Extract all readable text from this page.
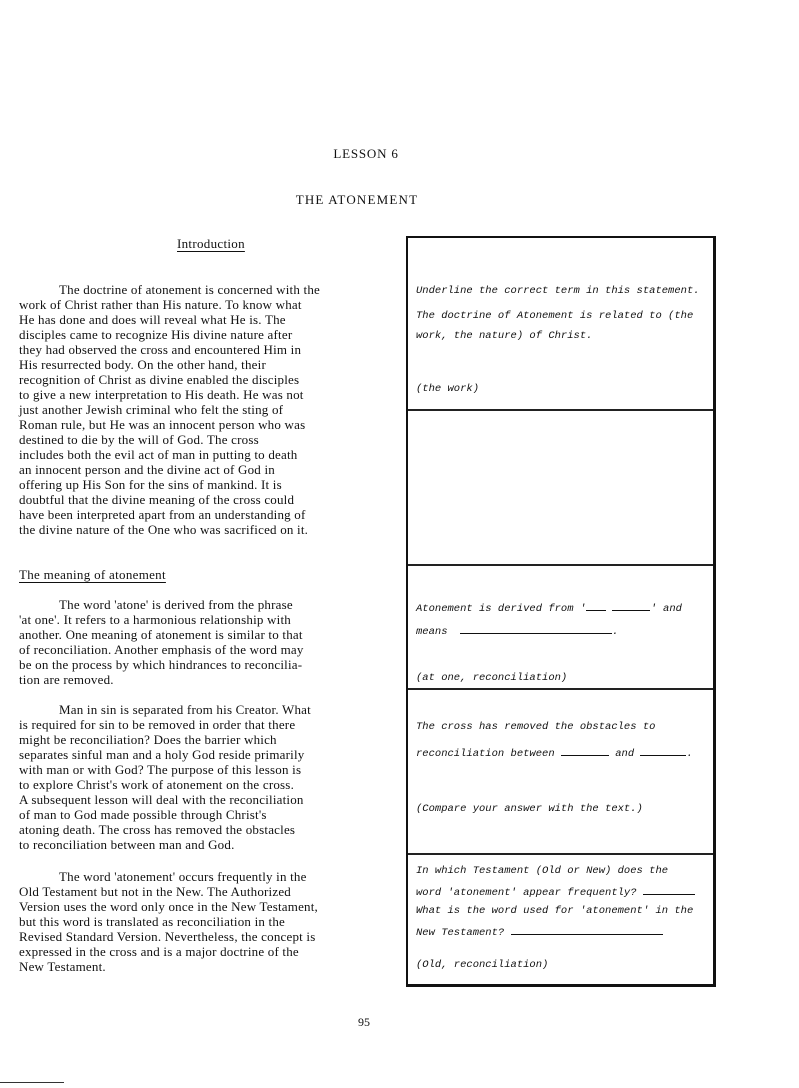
LESSON 6
THE ATONEMENT
Introduction
The doctrine of atonement is concerned with the
work of Christ rather than His nature. To know what
He has done and does will reveal what He is. The
disciples came to recognize His divine nature after
they had observed the cross and encountered Him in
His resurrected body. On the other hand, their
recognition of Christ as divine enabled the disciples
to give a new interpretation to His death. He was not
just another Jewish criminal who felt the sting of
Roman rule, but He was an innocent person who was
destined to die by the will of God. The cross
includes both the evil act of man in putting to death
an innocent person and the divine act of God in
offering up His Son for the sins of mankind. It is
doubtful that the divine meaning of the cross could
have been interpreted apart from an understanding of
the divine nature of the One who was sacrificed on it.
The meaning of atonement
The word 'atone' is derived from the phrase
'at one'. It refers to a harmonious relationship with
another. One meaning of atonement is similar to that
of reconciliation. Another emphasis of the word may
be on the process by which hindrances to reconcilia-
tion are removed.
Man in sin is separated from his Creator. What
is required for sin to be removed in order that there
might be reconciliation? Does the barrier which
separates sinful man and a holy God reside primarily
with man or with God? The purpose of this lesson is
to explore Christ's work of atonement on the cross.
A subsequent lesson will deal with the reconciliation
of man to God made possible through Christ's
atoning death. The cross has removed the obstacles
to reconciliation between man and God.
The word 'atonement' occurs frequently in the
Old Testament but not in the New. The Authorized
Version uses the word only once in the New Testament,
but this word is translated as reconciliation in the
Revised Standard Version. Nevertheless, the concept is
expressed in the cross and is a major doctrine of the
New Testament.
Underline the correct term in this statement.
The doctrine of Atonement is related to (the
work, the nature) of Christ.
(the work)
Atonement is derived from '	' and
means	.
(at one, reconciliation)
The cross has removed the obstacles to
reconciliation between	and	.
(Compare your answer with the text.)
In which Testament (Old or New) does the
word 'atonement' appear frequently?
What is the word used for 'atonement' in the
New Testament?
(Old, reconciliation)
95
